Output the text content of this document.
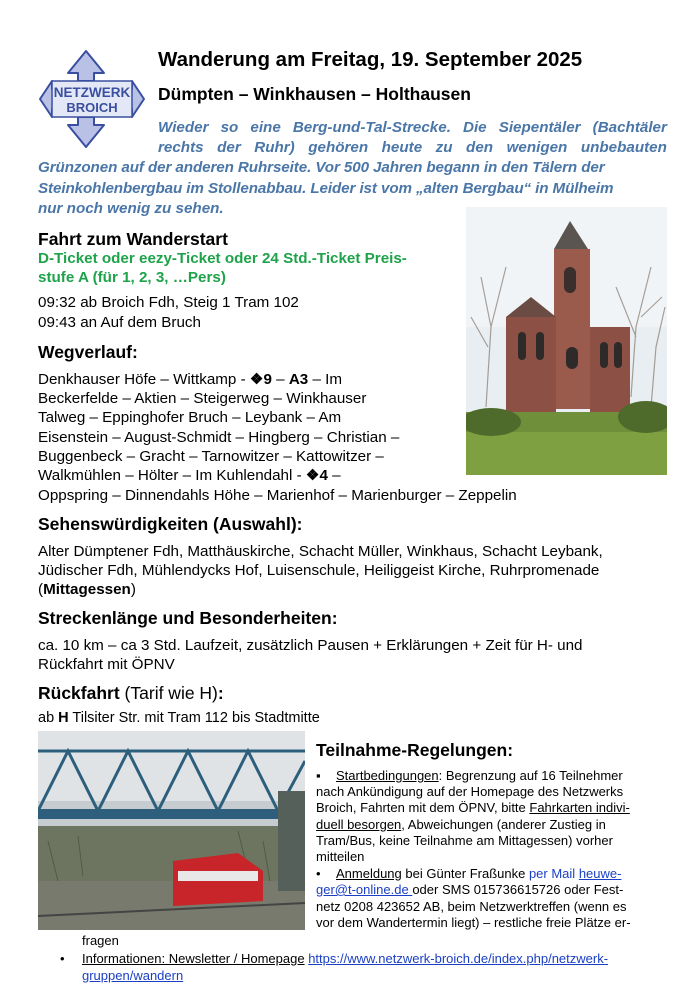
NETZWERK
BROICH
Wanderung am Freitag, 19. September 2025
Dümpten – Winkhausen – Holthausen
Wieder so eine Berg-und-Tal-Strecke. Die Siepentäler (Bachtäler
rechts der Ruhr) gehören heute zu den wenigen unbebauten
Grünzonen auf der anderen Ruhrseite. Vor 500 Jahren begann in den Tälern der
Steinkohlenbergbau im Stollenabbau. Leider ist vom „alten Bergbau“ in Mülheim
nur noch wenig zu sehen.
Fahrt zum Wanderstart
D-Ticket oder eezy-Ticket oder 24 Std.-Ticket Preis-
stufe A (für 1, 2, 3, …Pers)
09:32 ab Broich Fdh, Steig 1 Tram 102
09:43 an Auf dem Bruch
Wegverlauf:
Denkhauser Höfe – Wittkamp - ❖9 – A3 – Im
Beckerfelde – Aktien – Steigerweg – Winkhauser
Talweg – Eppinghofer Bruch – Leybank – Am
Eisenstein – August-Schmidt – Hingberg – Christian –
Buggenbeck – Gracht – Tarnowitzer – Kattowitzer –
Walkmühlen – Hölter – Im Kuhlendahl - ❖4 –
Oppspring – Dinnendahls Höhe – Marienhof – Marienburger – Zeppelin
Sehenswürdigkeiten (Auswahl):
Alter Dümptener Fdh, Matthäuskirche, Schacht Müller, Winkhaus, Schacht Leybank,
Jüdischer Fdh, Mühlendycks Hof, Luisenschule, Heiliggeist Kirche, Ruhrpromenade
(Mittagessen)
Streckenlänge und Besonderheiten:
ca. 10 km – ca 3 Std. Laufzeit, zusätzlich Pausen + Erklärungen + Zeit für H- und
Rückfahrt mit ÖPNV
Rückfahrt (Tarif wie H):
ab H Tilsiter Str. mit Tram 112 bis Stadtmitte
Teilnahme-Regelungen:
▪ Startbedingungen: Begrenzung auf 16 Teilnehmer
nach Ankündigung auf der Homepage des Netzwerks
Broich, Fahrten mit dem ÖPNV, bitte Fahrkarten indivi-
duell besorgen, Abweichungen (anderer Zustieg in
Tram/Bus, keine Teilnahme am Mittagessen) vorher
mitteilen
• Anmeldung bei Günter Fraßunke per Mail heuwe-
ger@t-online.de oder SMS 015736615726 oder Fest-
netz 0208 423652 AB, beim Netzwerktreffen (wenn es
vor dem Wandertermin liegt) – restliche freie Plätze er-
fragen
• Informationen: Newsletter / Homepage https://www.netzwerk-broich.de/index.php/netzwerk-
gruppen/wandern
